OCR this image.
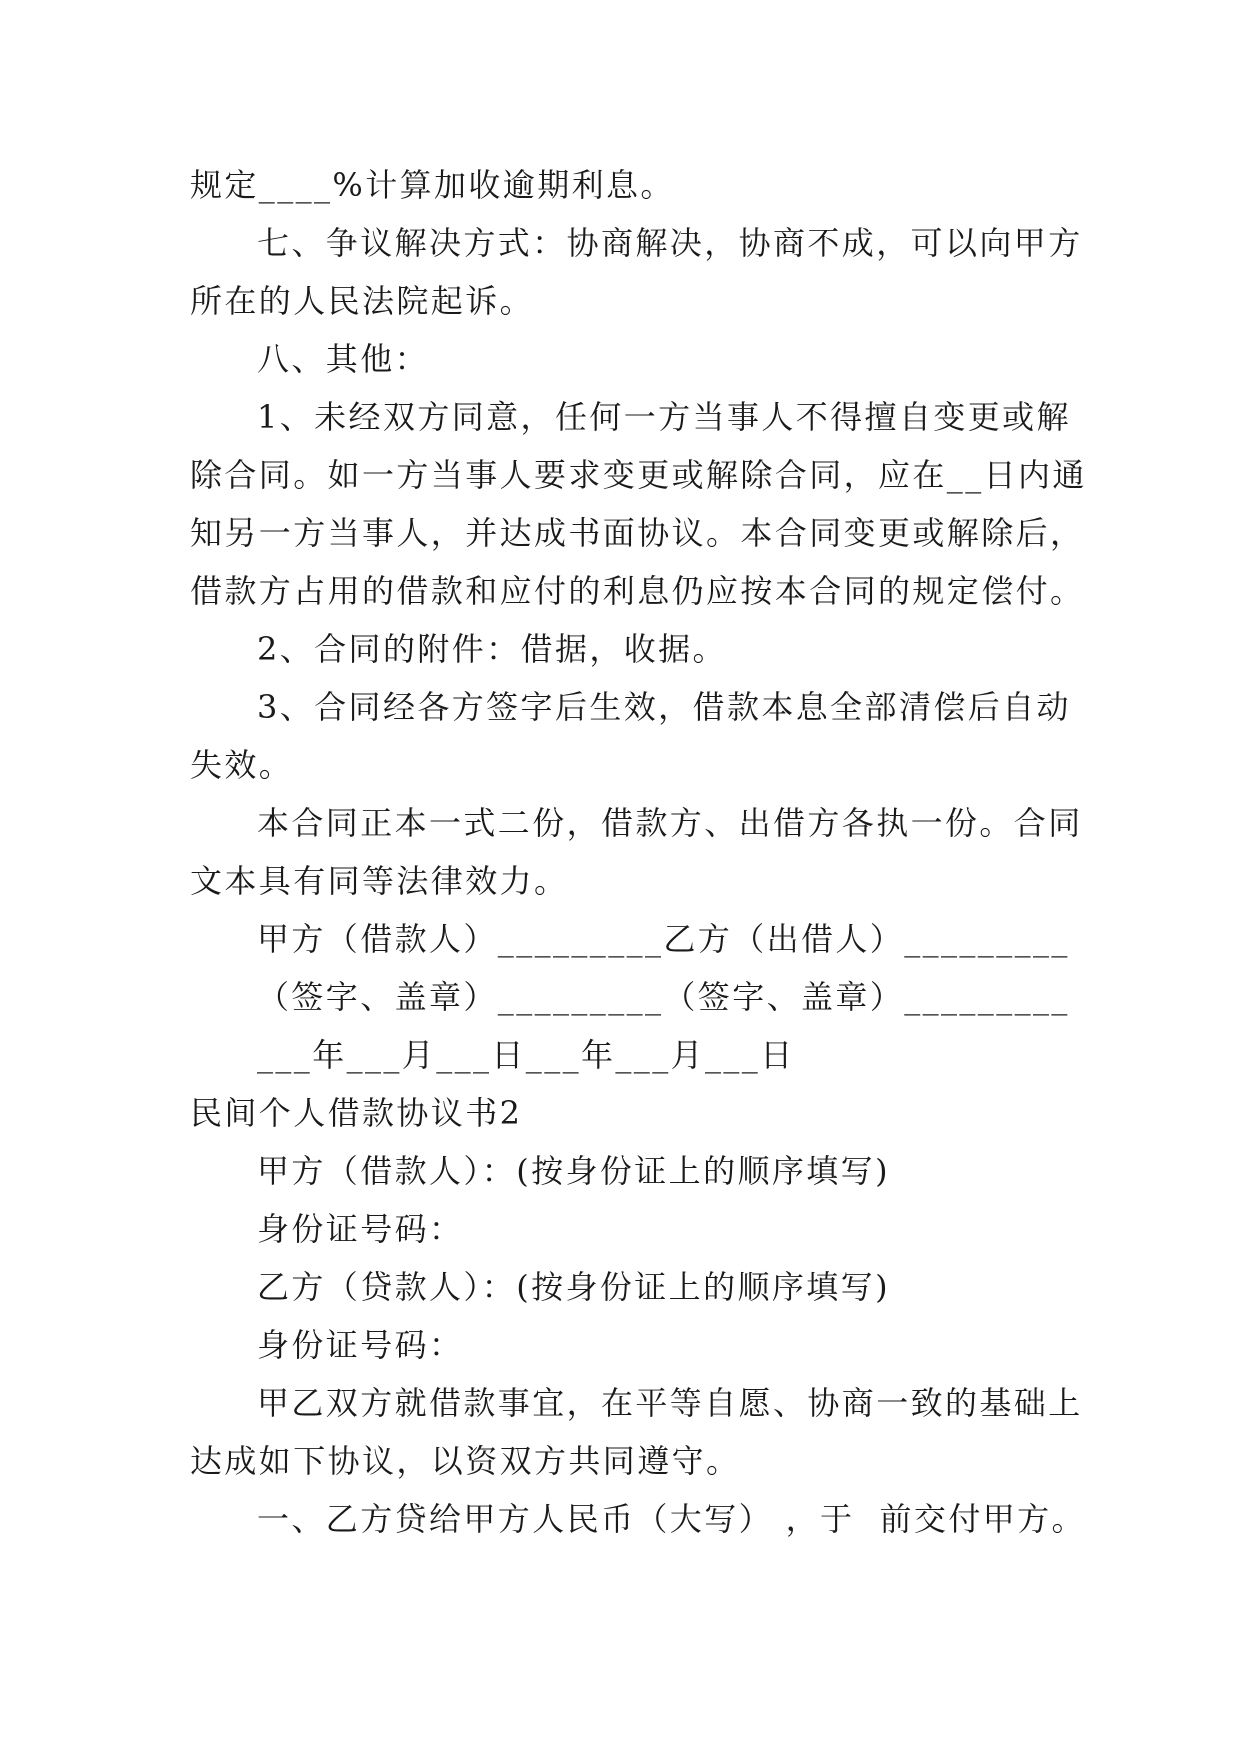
规定____%计算加收逾期利息。
七、争议解决方式：协商解决，协商不成，可以向甲方
所在的人民法院起诉。
八、其他：
1、未经双方同意，任何一方当事人不得擅自变更或解
除合同。如一方当事人要求变更或解除合同，应在__日内通
知另一方当事人，并达成书面协议。本合同变更或解除后，
借款方占用的借款和应付的利息仍应按本合同的规定偿付。
2、合同的附件：借据，收据。
3、合同经各方签字后生效，借款本息全部清偿后自动
失效。
本合同正本一式二份，借款方、出借方各执一份。合同
文本具有同等法律效力。
甲方（借款人）_________乙方（出借人）_________
（签字、盖章）_________（签字、盖章）_________
___年___月___日___年___月___日
民间个人借款协议书2
甲方（借款人）：(按身份证上的顺序填写)
身份证号码：
乙方（贷款人）：(按身份证上的顺序填写)
身份证号码：
甲乙双方就借款事宜，在平等自愿、协商一致的基础上
达成如下协议，以资双方共同遵守。
一、乙方贷给甲方人民币（大写） ，于  前交付甲方。
